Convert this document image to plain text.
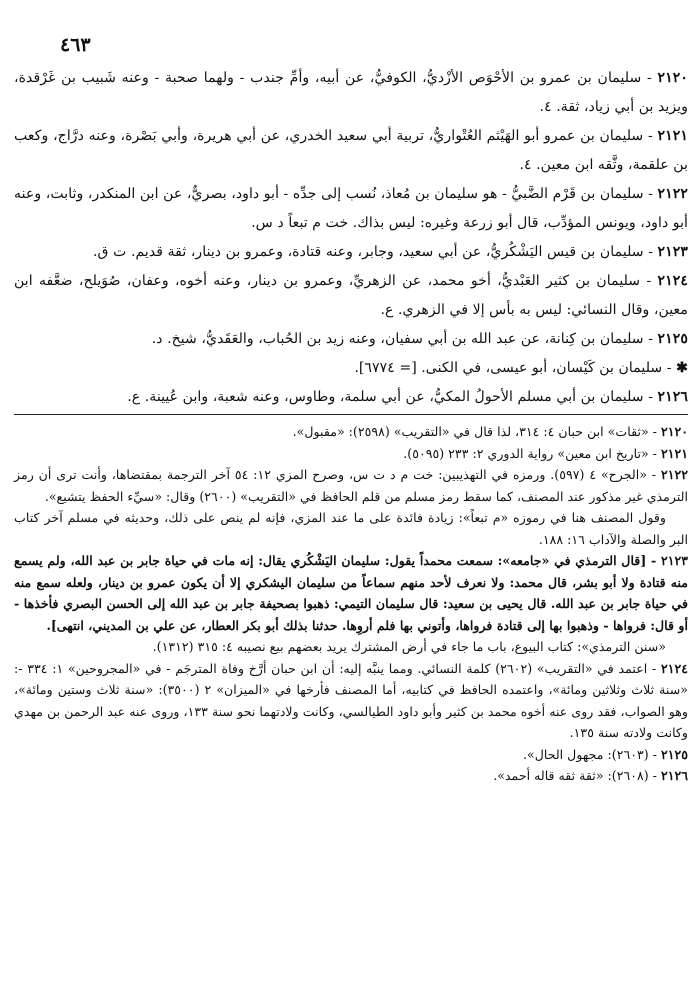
٤٦٣

٢١٢٠ - سليمان بن عمرو بن الأحْوَص الأزْديُّ، الكوفيُّ، عن أبيه، وأمِّ جندب - ولهما صحبة - وعنه شَبيب بن غَرْقدة، ويزيد بن أبي زياد، ثقة. ٤.

٢١٢١ - سليمان بن عمرو أبو الهَيْثم العُتْواريُّ، تربية أبي سعيد الخدري، عن أبي هريرة، وأبي بَصْرة، وعنه درَّاج، وكعب بن علقمة، وثَّقه ابن معين. ٤.

٢١٢٢ - سليمان بن قَرْم الضَّبيُّ - هو سليمان بن مُعاذ، نُسب إلى جدِّه - أبو داود، بصريٌّ، عن ابن المنكدر، وثابت، وعنه أبو داود، ويونس المؤدِّب، قال أبو زرعة وغيره: ليس بذاك. خت م تبعاً د س.

٢١٢٣ - سليمان بن قيس اليَشْكُريُّ، عن أبي سعيد، وجابر، وعنه قتادة، وعمرو بن دينار، ثقة قديم. ت ق.

٢١٢٤ - سليمان بن كثير العَبْديُّ، أخو محمد، عن الزهريِّ، وعمرو بن دينار، وعنه أخوه، وعفان، صُوَيلح، ضعَّفه ابن معين، وقال النسائي: ليس به بأس إلا في الزهري. ع.

٢١٢٥ - سليمان بن كِنانة، عن عبد الله بن أبي سفيان، وعنه زيد بن الحُباب، والعَقَديُّ، شيخ. د.

✱ - سليمان بن كَيْسان، أبو عيسى، في الكنى. [= ٦٧٧٤].

٢١٢٦ - سليمان بن أبي مسلم الأحولُ المكيُّ، عن أبي سلمة، وطاوس، وعنه شعبة، وابن عُيينة. ع.

٢١٢٠ - «ثقات» ابن حبان ٤: ٣١٤، لذا قال في «التقريب» (٢٥٩٨): «مقبول».

٢١٢١ - «تاريخ ابن معين» رواية الدوري ٢: ٢٣٣ (٥٠٩٥).

٢١٢٢ - «الجرح» ٤ (٥٩٧). ورمزه في التهذيبين: خت م د ت س، وصرح المزي ١٢: ٥٤ آخر الترجمة بمقتضاها، وأنت ترى أن رمز الترمذي غير مذكور عند المصنف، كما سقط رمز مسلم من قلم الحافظ في «التقريب» (٢٦٠٠) وقال: «سيِّء الحفظ يتشيع».

وقول المصنف هنا في رموزه «م تبعاً»: زيادة فائدة على ما عند المزي، فإنه لم ينص على ذلك، وحديثه في مسلم آخر كتاب البر والصلة والآداب ١٦: ١٨٨.

٢١٢٣ - [قال الترمذي في «جامعه»: سمعت محمداً يقول: سليمان اليَشْكُري يقال: إنه مات في حياة جابر بن عبد الله، ولم يسمع منه قتادة ولا أبو بشر، قال محمد: ولا نعرف لأحد منهم سماعاً من سليمان اليشكري إلا أن يكون عمرو بن دينار، ولعله سمع منه في حياة جابر بن عبد الله. قال يحيى بن سعيد: قال سليمان التيمي: ذهبوا بصحيفة جابر بن عبد الله إلى الحسن البصري فأخذها - أو قال: فرواها - وذهبوا بها إلى قتادة فرواها، وأتوني بها فلم أروِها. حدثنا بذلك أبو بكر العطار، عن علي بن المديني، انتهى].

«سنن الترمذي»: كتاب البيوع، باب ما جاء في أرض المشترك يريد بعضهم بيع نصيبه ٤: ٣١٥ (١٣١٢).

٢١٢٤ - اعتمد في «التقريب» (٢٦٠٢) كلمة النسائي. ومما ينبَّه إليه: أن ابن حبان أرَّخ وفاة المترجَم - في «المجروحين» ١: ٣٣٤ -: «سنة ثلاث وثلاثين ومائة»، واعتمده الحافظ في كتابيه، أما المصنف فأرخها في «الميزان» ٢ (٣٥٠٠): «سنة ثلاث وستين ومائة»، وهو الصواب، فقد روى عنه أخوه محمد بن كثير وأبو داود الطيالسي، وكانت ولادتهما نحو سنة ١٣٣، وروى عنه عبد الرحمن بن مهدي وكانت ولادته سنة ١٣٥.

٢١٢٥ - (٢٦٠٣): مجهول الحال».

٢١٢٦ - (٢٦٠٨): «ثقة ثقه قاله أحمد».
